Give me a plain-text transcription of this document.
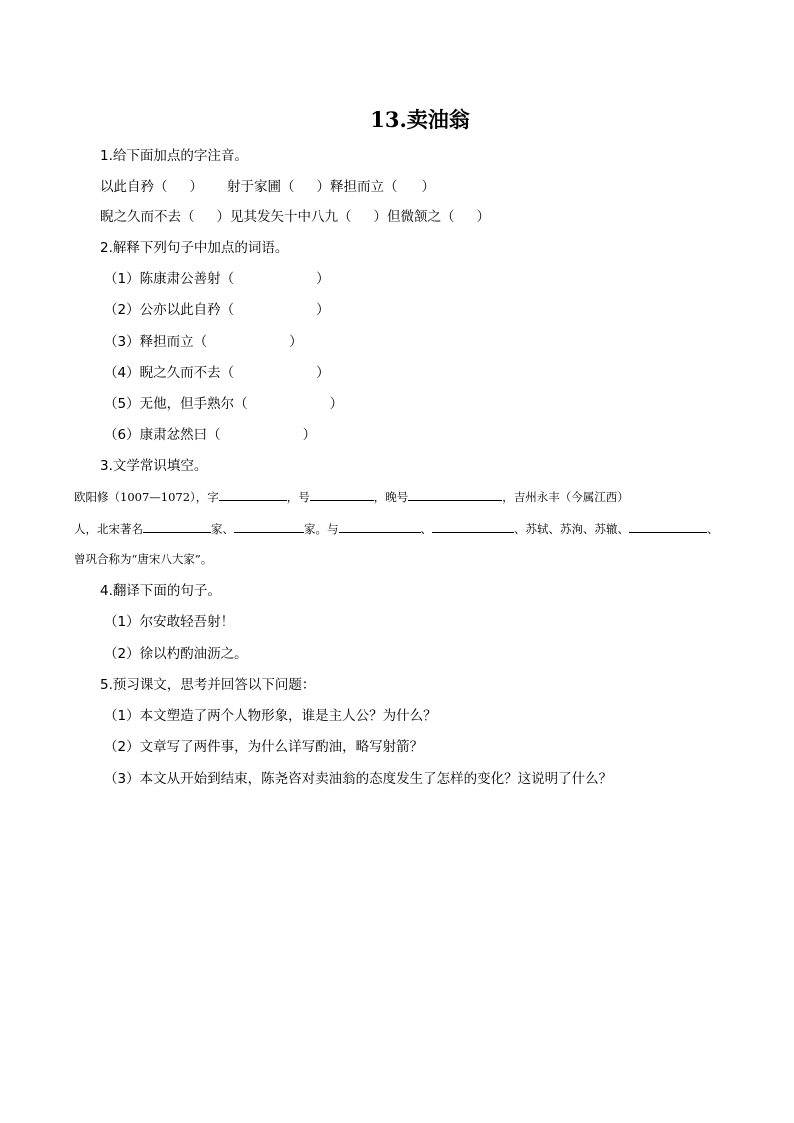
13.卖油翁
1.给下面加点的字注音。
以此自矜（ ） 射于家圃（ ）释担而立（ ）
睨之久而不去（ ）见其发矢十中八九（ ）但微颔之（ ）
2.解释下列句子中加点的词语。
（1）陈康肃公善射（	）
（2）公亦以此自矜（	）
（3）释担而立（	）
（4）睨之久而不去（	）
（5）无他，但手熟尔（	）
（6）康肃忿然曰（	）
3.文学常识填空。
欧阳修（1007—1072），字	，号	，晚号	，吉州永丰（今属江西）
人，北宋著名	家、	家。与	、	、苏轼、苏洵、苏辙、	、
曾巩合称为“唐宋八大家”。
4.翻译下面的句子。
（1）尔安敢轻吾射！
（2）徐以杓酌油沥之。
5.预习课文，思考并回答以下问题：
（1）本文塑造了两个人物形象，谁是主人公？为什么？
（2）文章写了两件事，为什么详写酌油，略写射箭？
（3）本文从开始到结束，陈尧咨对卖油翁的态度发生了怎样的变化？这说明了什么？
